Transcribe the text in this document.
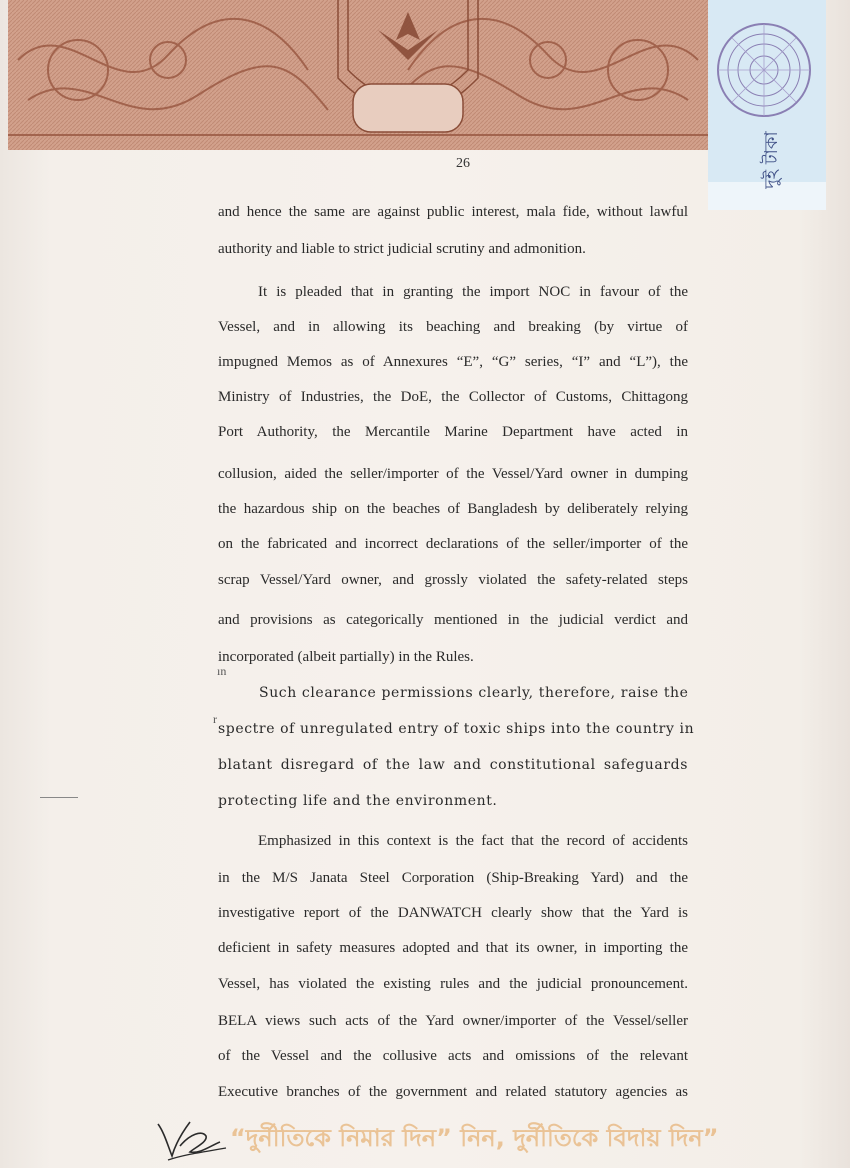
দুই টাকা
26
and hence the same are against public interest, mala fide, without lawful
authority and liable to strict judicial scrutiny and admonition.
It is pleaded that in granting the import NOC in favour of the
Vessel, and in allowing its beaching and breaking (by virtue of
impugned Memos as of Annexures “E”, “G” series, “I” and “L”), the
Ministry of Industries, the DoE, the Collector of Customs, Chittagong
Port Authority, the Mercantile Marine Department have acted in
collusion, aided the seller/importer of the Vessel/Yard owner in dumping
the hazardous ship on the beaches of Bangladesh by deliberately relying
on the fabricated and incorrect declarations of the seller/importer of the
scrap Vessel/Yard owner, and grossly violated the safety-related steps
and provisions as categorically mentioned in the judicial verdict and
incorporated (albeit partially) in the Rules.
ın
Such clearance permissions clearly, therefore, raise the
spectre of unregulated entry of toxic ships into the country in
blatant disregard of the law and constitutional safeguards
protecting life and the environment.
r
Emphasized in this context is the fact that the record of accidents
in the M/S Janata Steel Corporation (Ship-Breaking Yard) and the
investigative report of the DANWATCH clearly show that the Yard is
deficient in safety measures adopted and that its owner, in importing the
Vessel, has violated the existing rules and the judicial pronouncement.
BELA views such acts of the Yard owner/importer of the Vessel/seller
of the Vessel and the collusive acts and omissions of the relevant
Executive branches of the government and related statutory agencies as
“দুর্নীতিকে নিমার দিন” নিন, দুর্নীতিকে বিদায় দিন”
